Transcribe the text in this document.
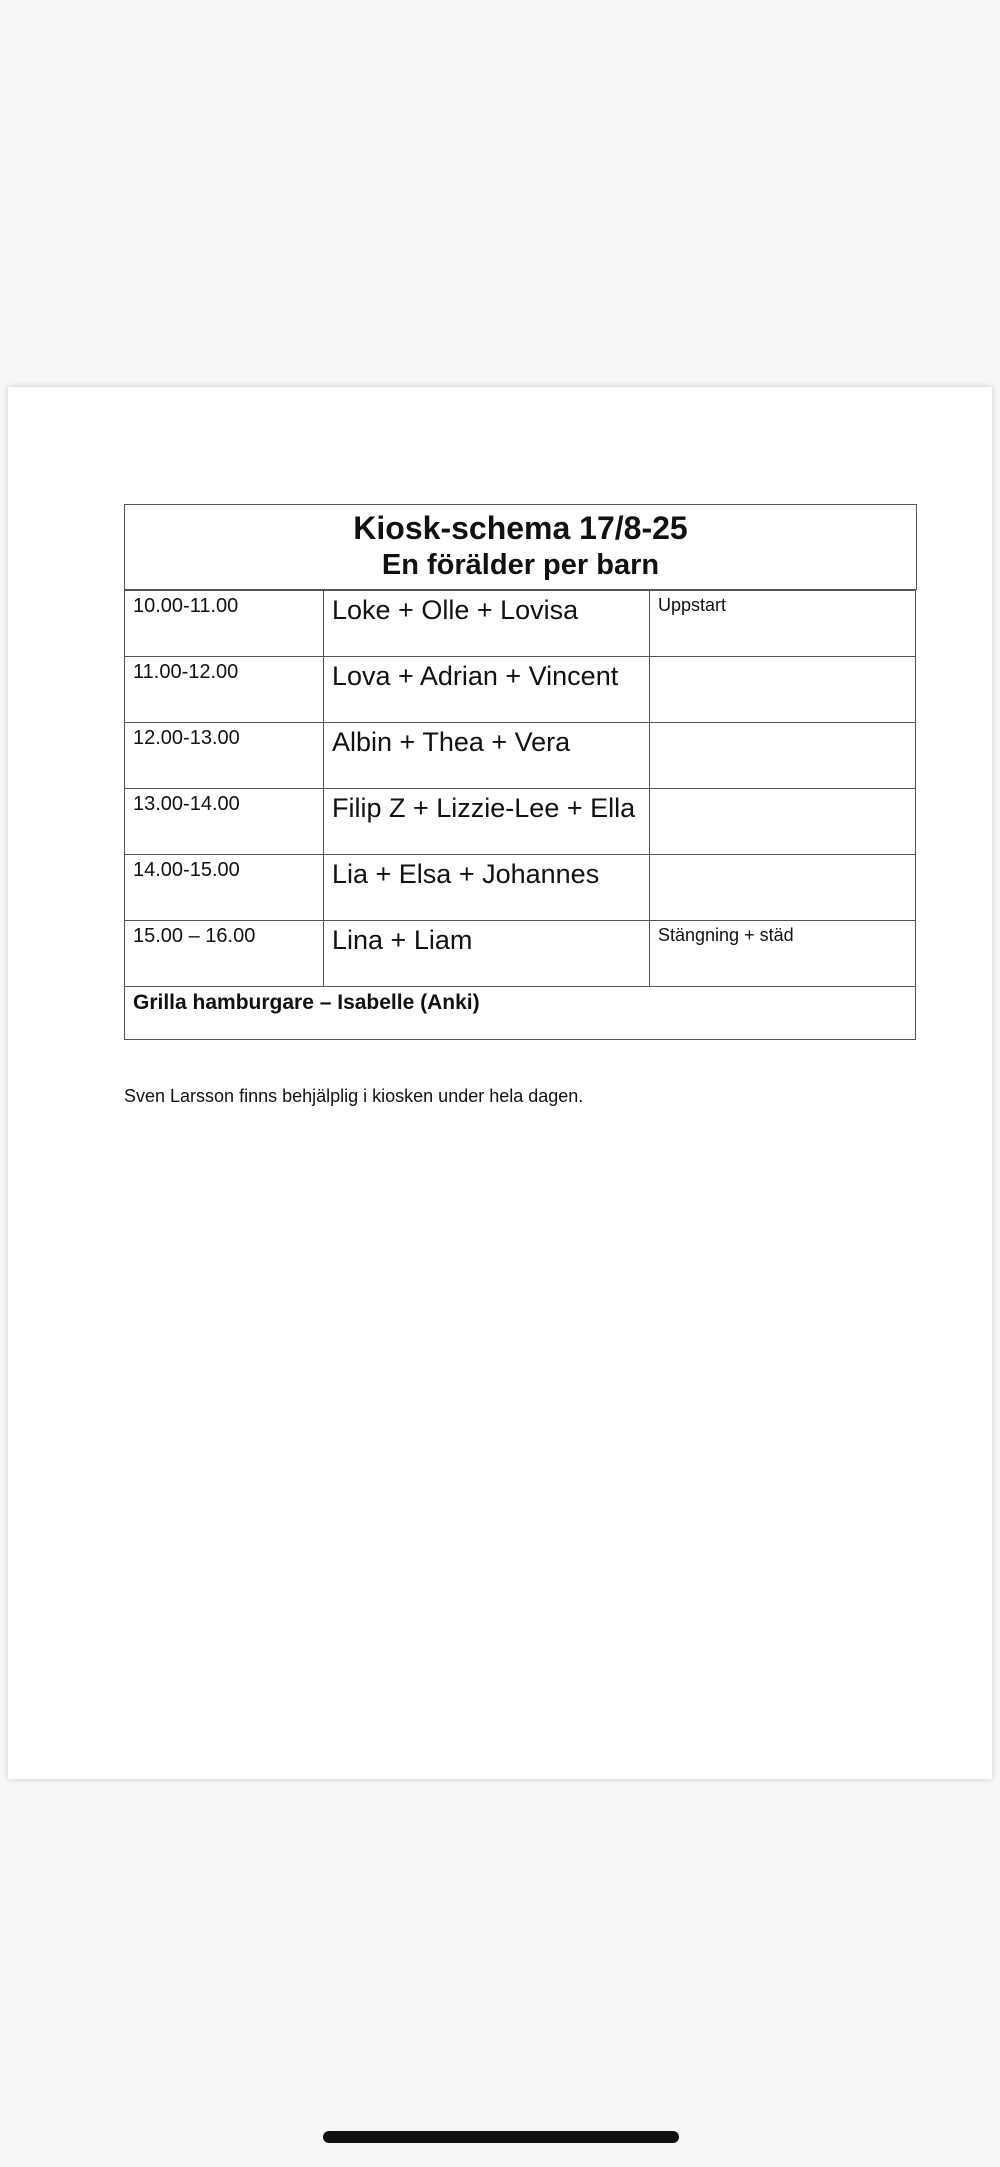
Kiosk-schema 17/8-25
En förälder per barn
10.00-11.00	Loke + Olle + Lovisa	Uppstart
11.00-12.00	Lova + Adrian + Vincent	
12.00-13.00	Albin + Thea + Vera	
13.00-14.00	Filip Z + Lizzie-Lee + Ella	
14.00-15.00	Lia + Elsa + Johannes	
15.00 – 16.00	Lina + Liam	Stängning + städ
Grilla hamburgare – Isabelle (Anki)		
Sven Larsson finns behjälplig i kiosken under hela dagen.
